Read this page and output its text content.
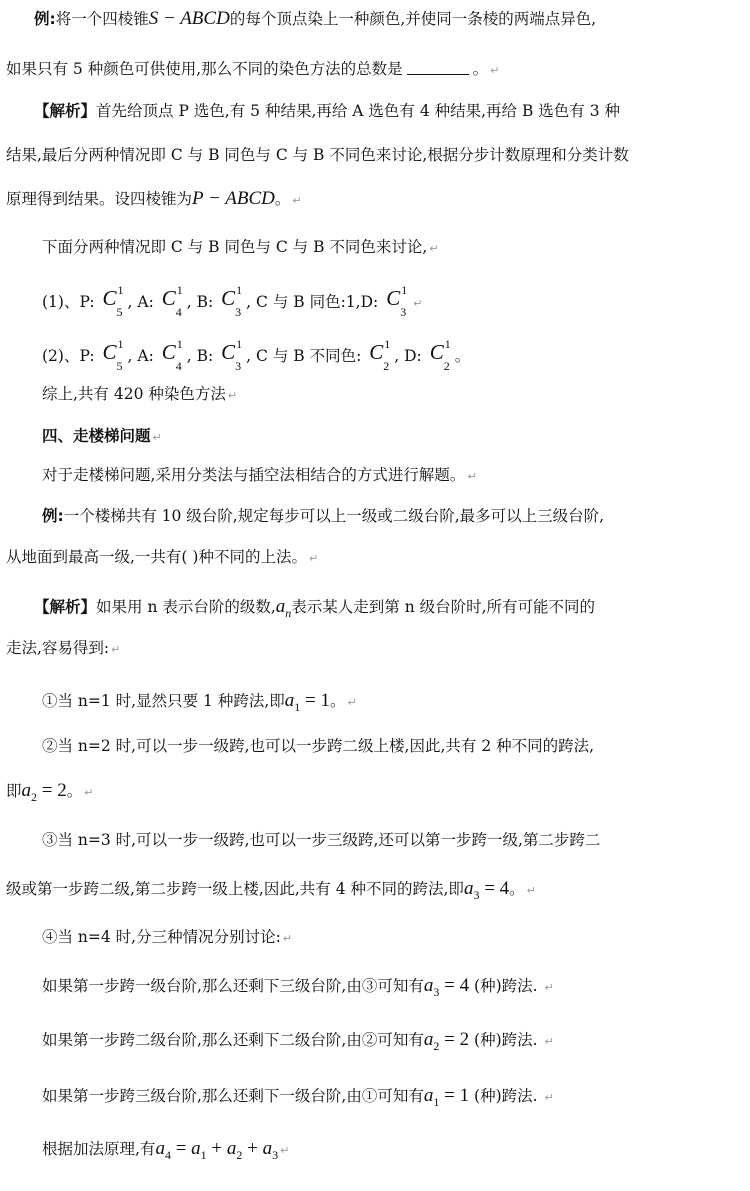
例:将一个四棱锥S − ABCD的每个顶点染上一种颜色,并使同一条棱的两端点异色,
如果只有 5 种颜色可供使用,那么不同的染色方法的总数是	。 ↵
【解析】首先给顶点 P 选色,有 5 种结果,再给 A 选色有 4 种结果,再给 B 选色有 3 种
结果,最后分两种情况即 C 与 B 同色与 C 与 B 不同色来讨论,根据分步计数原理和分类计数
原理得到结果。设四棱锥为P − ABCD。 ↵
下面分两种情况即 C 与 B 同色与 C 与 B 不同色来讨论, ↵
(1)、P: C 1
5
, A: C 1
4
, B: C 1
3
, C 与 B 同色:1,D: C 1
3
↵
(2)、P: C 1
5
, A: C 1
4
, B: C 1
3
, C 与 B 不同色: C 1
2
, D: C 1
2
。
综上,共有 420 种染色方法 ↵
四、走楼梯问题 ↵
对于走楼梯问题,采用分类法与插空法相结合的方式进行解题。 ↵
例:一个楼梯共有 10 级台阶,规定每步可以上一级或二级台阶,最多可以上三级台阶,
从地面到最高一级,一共有( )种不同的上法。 ↵
【解析】如果用 n 表示台阶的级数$,a_n$表示某人走到第 n 级台阶时,所有可能不同的
走法,容易得到: ↵
①当 n=1 时,显然只要 1 种跨法,即$a_1 = 1$。 ↵
②当 n=2 时,可以一步一级跨,也可以一步跨二级上楼,因此,共有 2 种不同的跨法,
即$a_2 = 2$。 ↵
③当 n=3 时,可以一步一级跨,也可以一步三级跨,还可以第一步跨一级,第二步跨二
级或第一步跨二级,第二步跨一级上楼,因此,共有 4 种不同的跨法,即$a_3 = 4$。 ↵
④当 n=4 时,分三种情况分别讨论: ↵
如果第一步跨一级台阶,那么还剩下三级台阶,由③可知有$a_3 = 4$ (种)跨法. ↵
如果第一步跨二级台阶,那么还剩下二级台阶,由②可知有$a_2 = 2$ (种)跨法. ↵
如果第一步跨三级台阶,那么还剩下一级台阶,由①可知有$a_1 = 1$ (种)跨法. ↵
根据加法原理,有$a_4 = a_1 + a_2 + a_3$ ↵
